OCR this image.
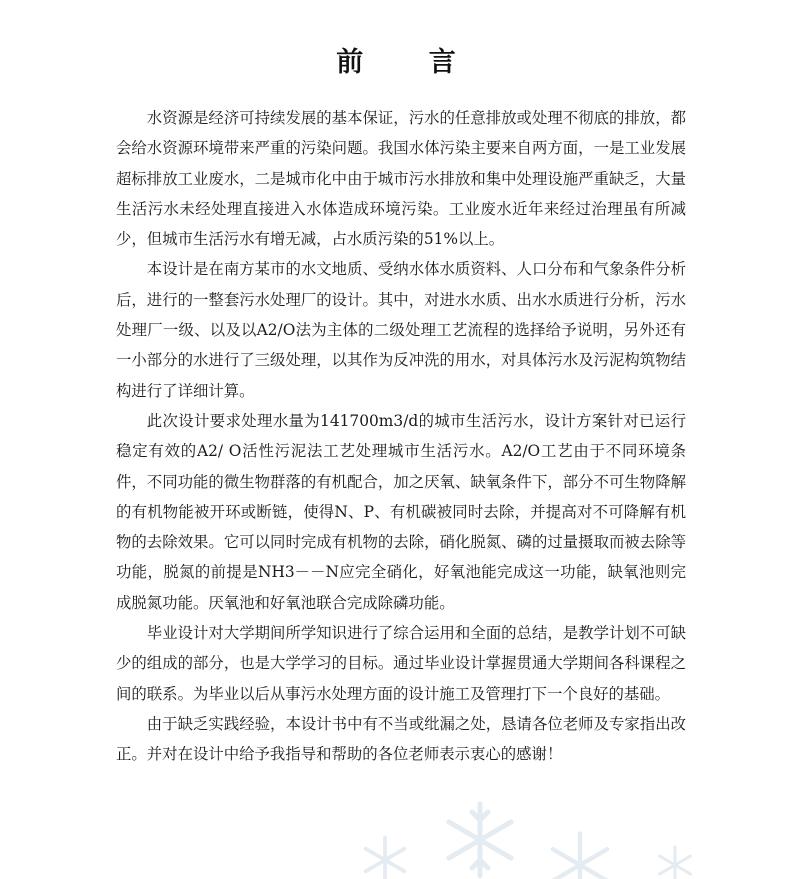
前 言

水资源是经济可持续发展的基本保证，污水的任意排放或处理不彻底的排放，都会给水资源环境带来严重的污染问题。我国水体污染主要来自两方面，一是工业发展超标排放工业废水，二是城市化中由于城市污水排放和集中处理设施严重缺乏，大量生活污水未经处理直接进入水体造成环境污染。工业废水近年来经过治理虽有所减少，但城市生活污水有增无减，占水质污染的51%以上。

本设计是在南方某市的水文地质、受纳水体水质资料、人口分布和气象条件分析后，进行的一整套污水处理厂的设计。其中，对进水水质、出水水质进行分析，污水处理厂一级、以及以A2/O法为主体的二级处理工艺流程的选择给予说明，另外还有一小部分的水进行了三级处理，以其作为反冲洗的用水，对具体污水及污泥构筑物结构进行了详细计算。

此次设计要求处理水量为141700m3/d的城市生活污水，设计方案针对已运行稳定有效的A2/ O活性污泥法工艺处理城市生活污水。A2/O工艺由于不同环境条件，不同功能的微生物群落的有机配合，加之厌氧、缺氧条件下，部分不可生物降解的有机物能被开环或断链，使得N、P、有机碳被同时去除，并提高对不可降解有机物的去除效果。它可以同时完成有机物的去除，硝化脱氮、磷的过量摄取而被去除等功能，脱氮的前提是NH3－－N应完全硝化，好氧池能完成这一功能，缺氧池则完成脱氮功能。厌氧池和好氧池联合完成除磷功能。

毕业设计对大学期间所学知识进行了综合运用和全面的总结，是教学计划不可缺少的组成的部分，也是大学学习的目标。通过毕业设计掌握贯通大学期间各科课程之间的联系。为毕业以后从事污水处理方面的设计施工及管理打下一个良好的基础。

由于缺乏实践经验，本设计书中有不当或纰漏之处，恳请各位老师及专家指出改正。并对在设计中给予我指导和帮助的各位老师表示衷心的感谢！
